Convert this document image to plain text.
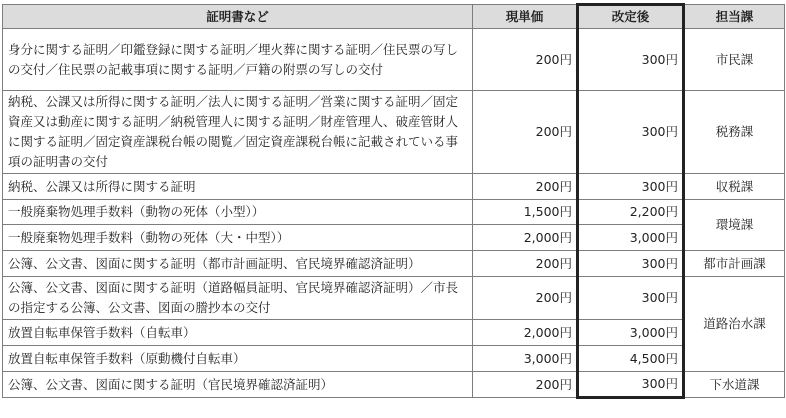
証明書など	現単価	改定後	担当課
身分に関する証明／印鑑登録に関する証明／埋火葬に関する証明／住民票の写しの交付／住民票の記載事項に関する証明／戸籍の附票の写しの交付	200円	300円	市民課
納税、公課又は所得に関する証明／法人に関する証明／営業に関する証明／固定資産又は動産に関する証明／納税管理人に関する証明／財産管理人、破産管財人に関する証明／固定資産課税台帳の閲覧／固定資産課税台帳に記載されている事項の証明書の交付	200円	300円	税務課
納税、公課又は所得に関する証明	200円	300円	収税課
一般廃棄物処理手数料（動物の死体（小型））	1,500円	2,200円	環境課
一般廃棄物処理手数料（動物の死体（大・中型））	2,000円	3,000円	
公簿、公文書、図面に関する証明（都市計画証明、官民境界確認済証明）	200円	300円	都市計画課
公簿、公文書、図面に関する証明（道路幅員証明、官民境界確認済証明）／市長の指定する公簿、公文書、図面の謄抄本の交付	200円	300円	道路治水課
放置自転車保管手数料（自転車）	2,000円	3,000円	
放置自転車保管手数料（原動機付自転車）	3,000円	4,500円	
公簿、公文書、図面に関する証明（官民境界確認済証明）	200円	300円	下水道課
